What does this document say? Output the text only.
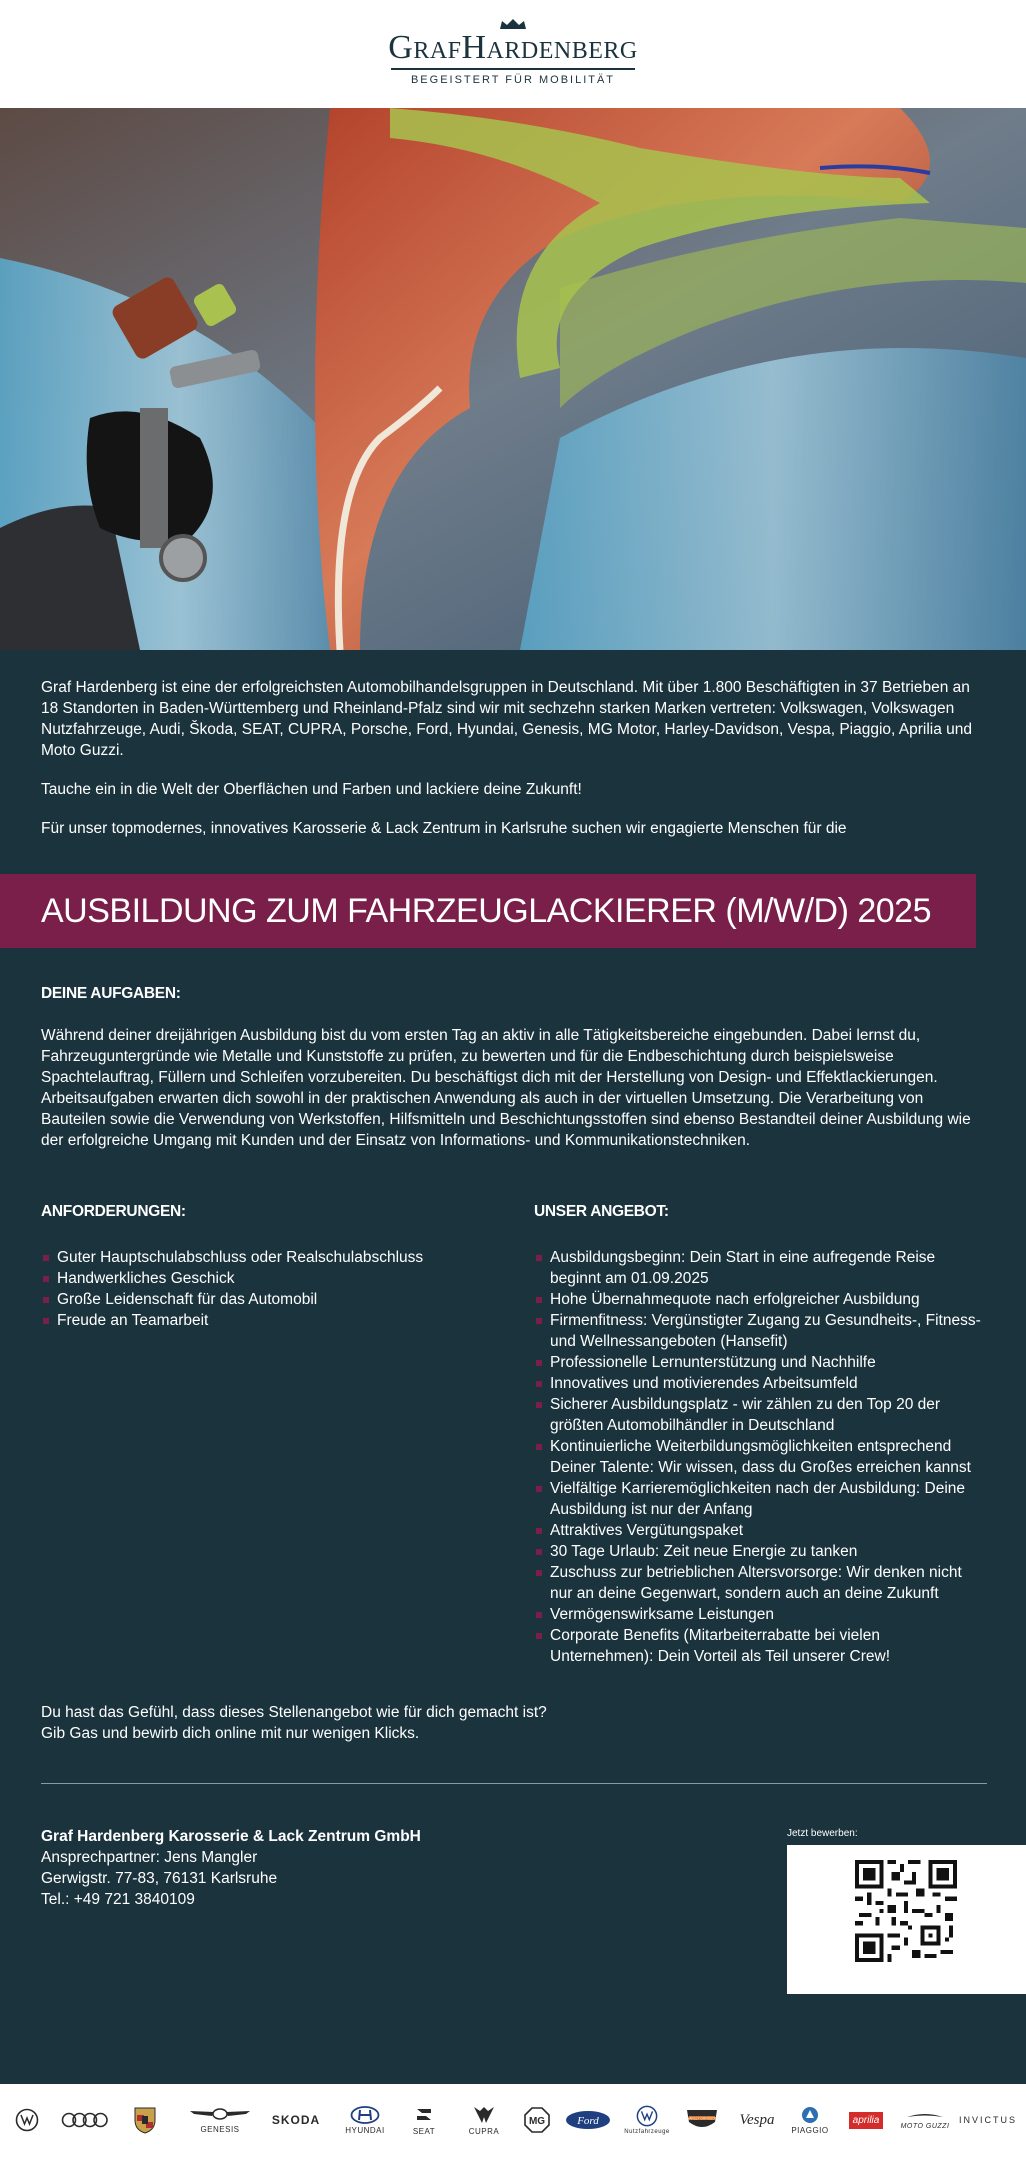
GrafHardenberg
BEGEISTERT FÜR MOBILITÄT

Graf Hardenberg ist eine der erfolgreichsten Automobilhandelsgruppen in Deutschland. Mit über 1.800 Beschäftigten in 37 Betrieben an 18 Standorten in Baden-Württemberg und Rheinland-Pfalz sind wir mit sechzehn starken Marken vertreten: Volkswagen, Volkswagen Nutzfahrzeuge, Audi, Škoda, SEAT, CUPRA, Porsche, Ford, Hyundai, Genesis, MG Motor, Harley-Davidson, Vespa, Piaggio, Aprilia und Moto Guzzi.

Tauche ein in die Welt der Oberflächen und Farben und lackiere deine Zukunft!

Für unser topmodernes, innovatives Karosserie & Lack Zentrum in Karlsruhe suchen wir engagierte Menschen für die

AUSBILDUNG ZUM FAHRZEUGLACKIERER (M/W/D) 2025
DEINE AUFGABEN:

Während deiner dreijährigen Ausbildung bist du vom ersten Tag an aktiv in alle Tätigkeitsbereiche eingebunden. Dabei lernst du, Fahrzeuguntergründe wie Metalle und Kunststoffe zu prüfen, zu bewerten und für die Endbeschichtung durch beispielsweise Spachtelauftrag, Füllern und Schleifen vorzubereiten. Du beschäftigst dich mit der Herstellung von Design- und Effektlackierungen. Arbeitsaufgaben erwarten dich sowohl in der praktischen Anwendung als auch in der virtuellen Umsetzung. Die Verarbeitung von Bauteilen sowie die Verwendung von Werkstoffen, Hilfsmitteln und Beschichtungsstoffen sind ebenso Bestandteil deiner Ausbildung wie der erfolgreiche Umgang mit Kunden und der Einsatz von Informations- und Kommunikationstechniken.

ANFORDERUNGEN:
Guter Hauptschulabschluss oder Realschulabschluss
Handwerkliches Geschick
Große Leidenschaft für das Automobil
Freude an Teamarbeit
UNSER ANGEBOT:
Ausbildungsbeginn: Dein Start in eine aufregende Reise beginnt am 01.09.2025
Hohe Übernahmequote nach erfolgreicher Ausbildung
Firmenfitness: Vergünstigter Zugang zu Gesundheits-, Fitness- und Wellnessangeboten (Hansefit)
Professionelle Lernunterstützung und Nachhilfe
Innovatives und motivierendes Arbeitsumfeld
Sicherer Ausbildungsplatz - wir zählen zu den Top 20 der größten Automobilhändler in Deutschland
Kontinuierliche Weiterbildungsmöglichkeiten entsprechend Deiner Talente: Wir wissen, dass du Großes erreichen kannst
Vielfältige Karrieremöglichkeiten nach der Ausbildung: Deine Ausbildung ist nur der Anfang
Attraktives Vergütungspaket
30 Tage Urlaub: Zeit neue Energie zu tanken
Zuschuss zur betrieblichen Altersvorsorge: Wir denken nicht nur an deine Gegenwart, sondern auch an deine Zukunft
Vermögenswirksame Leistungen
Corporate Benefits (Mitarbeiterrabatte bei vielen Unternehmen): Dein Vorteil als Teil unserer Crew!

Du hast das Gefühl, dass dieses Stellenangebot wie für dich gemacht ist?
Gib Gas und bewirb dich online mit nur wenigen Klicks.

Graf Hardenberg Karosserie & Lack Zentrum GmbH
Ansprechpartner: Jens Mangler
Gerwigstr. 77-83, 76131 Karlsruhe
Tel.: +49 721 3840109
Jetzt bewerben:
GENESIS
SKODA
HYUNDAI	SEAT	CUPRA
MG	Ford
Nutzfahrzeuge
HARLEY-DAVIDSON Vespa
PIAGGIO
aprilia
MOTO GUZZI
INVICTUS
